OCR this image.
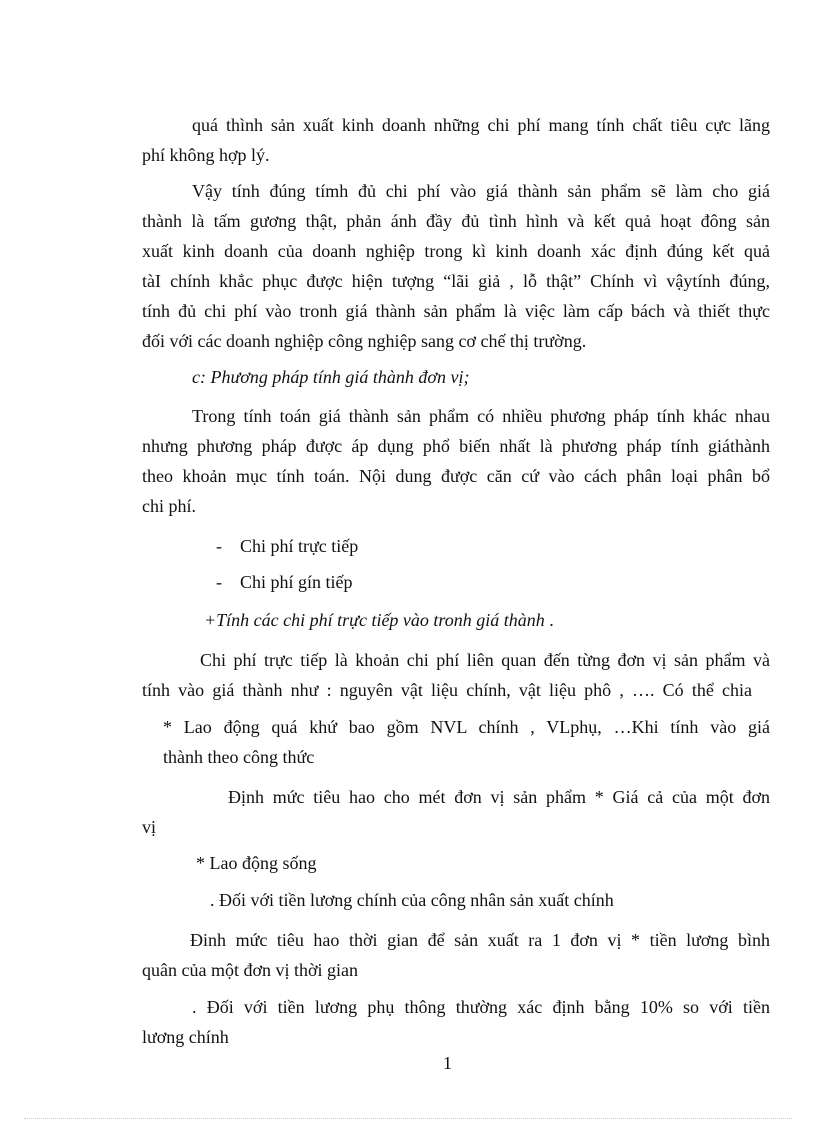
quá thình sản xuất kinh doanh những chi phí mang tính chất tiêu cực lãng
phí không hợp lý.
Vậy tính đúng tímh đủ chi phí vào giá thành sản phẩm sẽ làm cho giá
thành là tấm gương thật, phản ánh đầy đủ tình hình và kết quả hoạt đông sản
xuất kinh doanh của doanh nghiệp trong kì kinh doanh xác định đúng kết quả
tàI chính khắc phục được hiện tượng “lãi giả , lỗ thật” Chính vì vậytính đúng,
tính đủ chi phí vào tronh giá thành sản phẩm là việc làm cấp bách và thiết thực
đối với các doanh nghiệp công nghiệp sang cơ chế thị trường.
c: Phương pháp tính giá thành đơn vị;
Trong tính toán giá thành sản phẩm có nhiều phương pháp tính khác nhau
nhưng phương pháp được áp dụng phổ biến nhất là phương pháp tính giáthành
theo khoản mục tính toán. Nội dung được căn cứ vào cách phân loại phân bổ
chi phí.
- Chi phí trực tiếp
- Chi phí gín tiếp
+Tính các chi phí trực tiếp vào tronh giá thành .
Chi phí trực tiếp là khoản chi phí liên quan đến từng đơn vị sản phẩm và
tính vào giá thành như : nguyên vật liệu chính, vật liệu phô , …. Có thể chia
* Lao động quá khứ bao gồm NVL chính , VLphụ, …Khi tính vào giá
thành theo công thức
Định mức tiêu hao cho mét đơn vị sản phẩm * Giá cả của một đơn
vị
* Lao động sống
. Đối với tiền lương chính của công nhân sản xuất chính
Đinh mức tiêu hao thời gian để sản xuất ra 1 đơn vị * tiền lương bình
quân của một đơn vị thời gian
. Đối với tiền lương phụ thông thường xác định bằng 10% so với tiền
lương chính
1
